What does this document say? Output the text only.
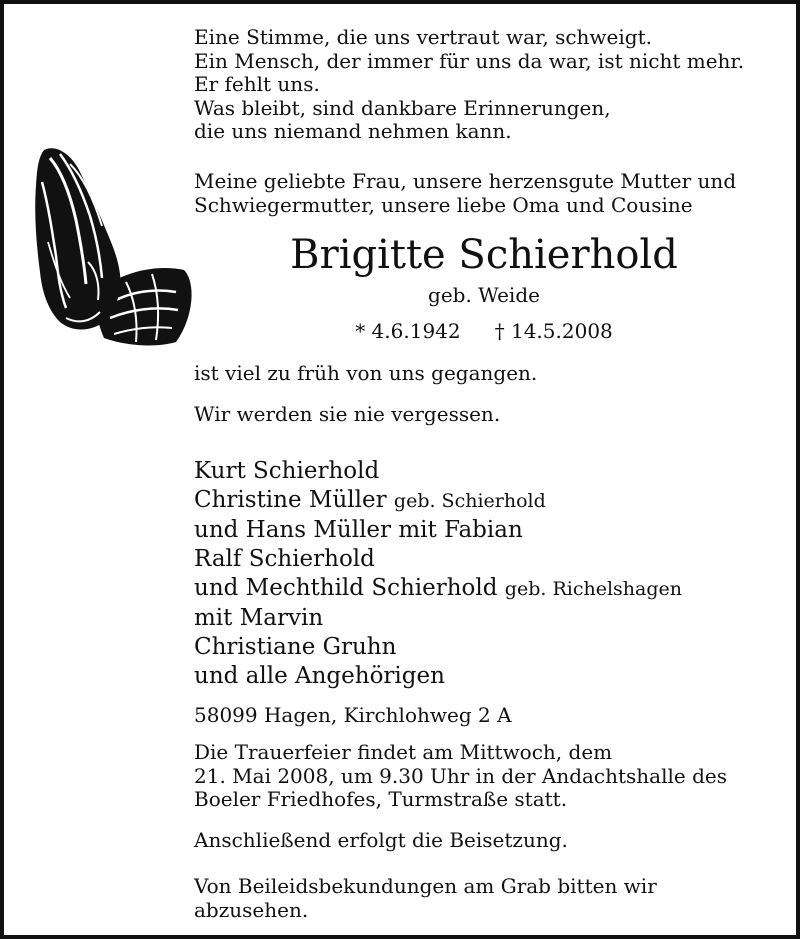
Eine Stimme, die uns vertraut war, schweigt.

Ein Mensch, der immer für uns da war, ist nicht mehr.

Er fehlt uns.

Was bleibt, sind dankbare Erinnerungen,

die uns niemand nehmen kann.

Meine geliebte Frau, unsere herzensgute Mutter und

Schwiegermutter, unsere liebe Oma und Cousine

Brigitte Schierhold
geb. Weide
* 4.6.1942 † 14.5.2008

ist viel zu früh von uns gegangen.

Wir werden sie nie vergessen.

Kurt Schierhold
Christine Müller geb. Schierhold
und Hans Müller mit Fabian
Ralf Schierhold
und Mechthild Schierhold geb. Richelshagen
mit Marvin
Christiane Gruhn
und alle Angehörigen

58099 Hagen, Kirchlohweg 2 A

Die Trauerfeier findet am Mittwoch, dem

21. Mai 2008, um 9.30 Uhr in der Andachtshalle des

Boeler Friedhofes, Turmstraße statt.

Anschließend erfolgt die Beisetzung.

Von Beileidsbekundungen am Grab bitten wir

abzusehen.
